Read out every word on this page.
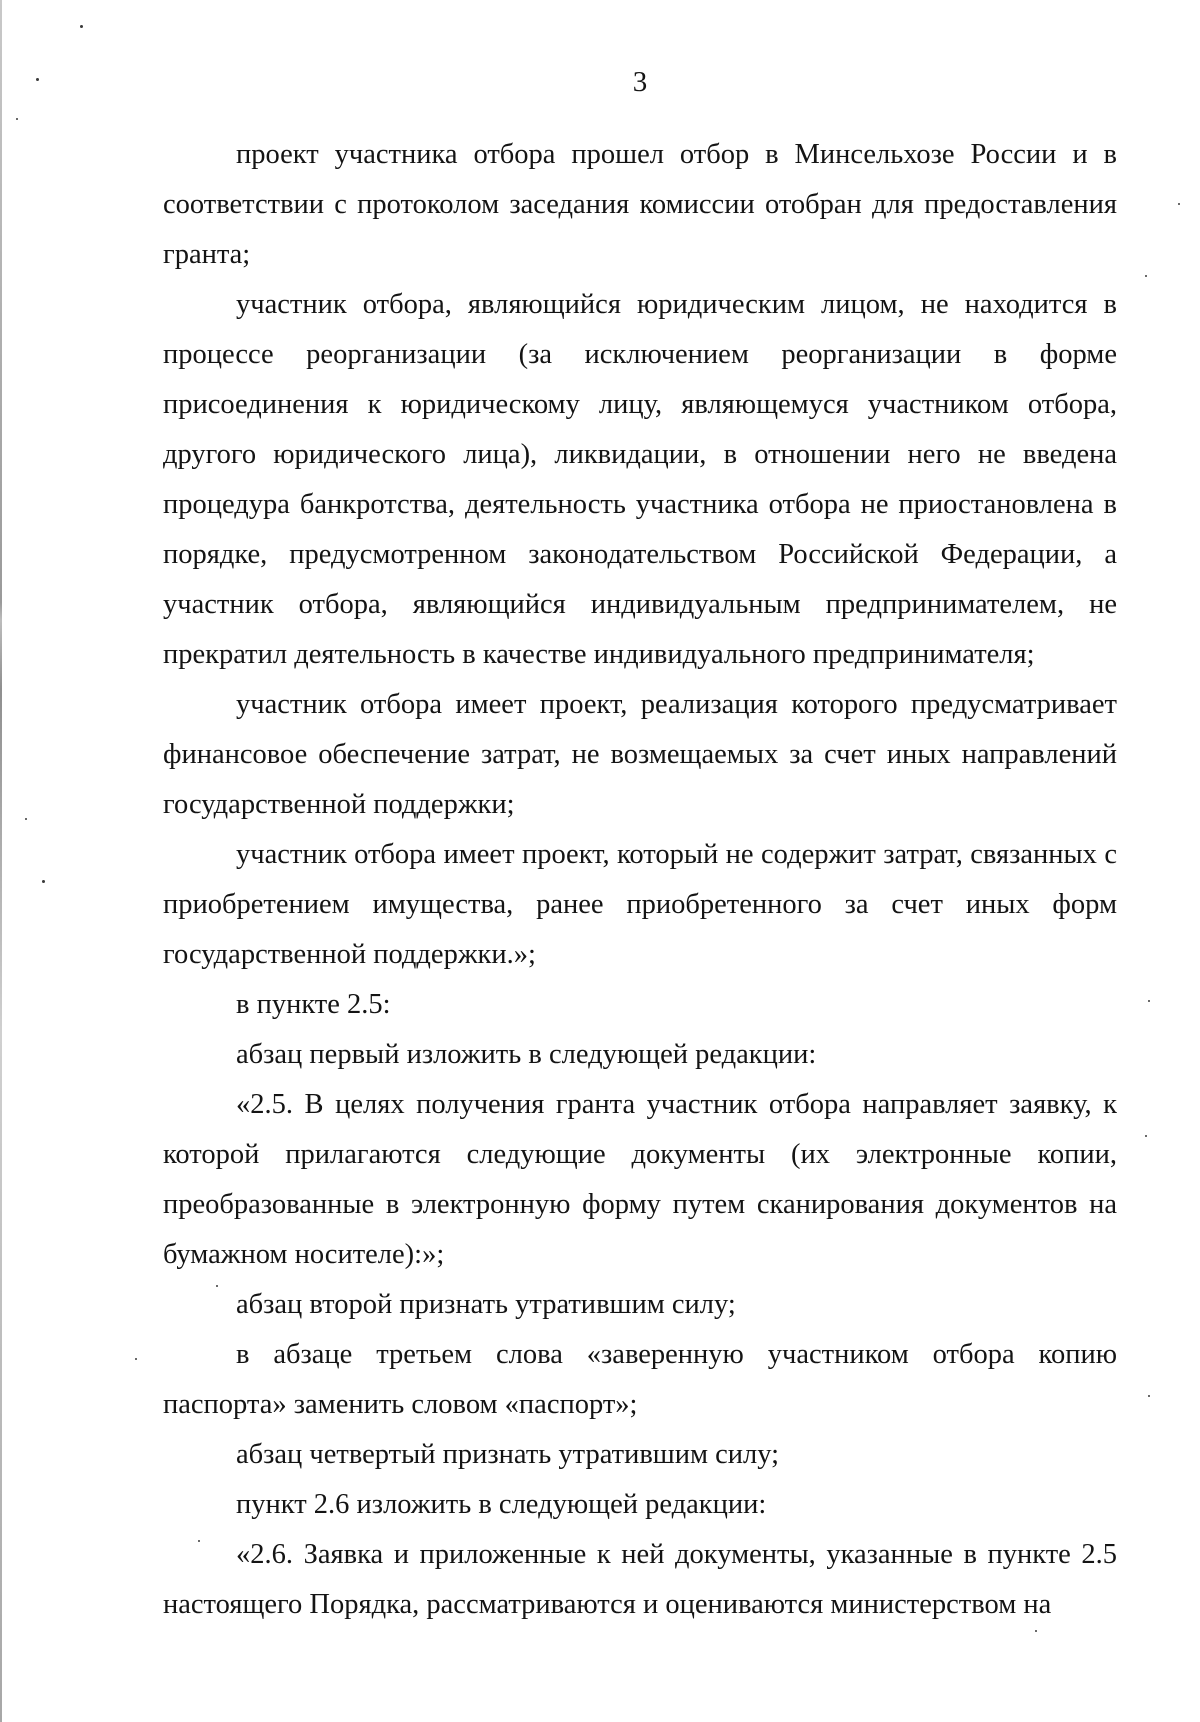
3

проект участника отбора прошел отбор в Минсельхозе России и в соответствии с протоколом заседания комиссии отобран для предоставления гранта;

участник отбора, являющийся юридическим лицом, не находится в процессе реорганизации (за исключением реорганизации в форме присоединения к юридическому лицу, являющемуся участником отбора, другого юридического лица), ликвидации, в отношении него не введена процедура банкротства, деятельность участника отбора не приостановлена в порядке, предусмотренном законодательством Российской Федерации, а участник отбора, являющийся индивидуальным предпринимателем, не прекратил деятельность в качестве индивидуального предпринимателя;

участник отбора имеет проект, реализация которого предусматривает финансовое обеспечение затрат, не возмещаемых за счет иных направлений государственной поддержки;

участник отбора имеет проект, который не содержит затрат, связанных с приобретением имущества, ранее приобретенного за счет иных форм государственной поддержки.»;

в пункте 2.5:

абзац первый изложить в следующей редакции:

«2.5. В целях получения гранта участник отбора направляет заявку, к которой прилагаются следующие документы (их электронные копии, преобразованные в электронную форму путем сканирования документов на бумажном носителе):»;

абзац второй признать утратившим силу;

в абзаце третьем слова «заверенную участником отбора копию паспорта» заменить словом «паспорт»;

абзац четвертый признать утратившим силу;

пункт 2.6 изложить в следующей редакции:

«2.6. Заявка и приложенные к ней документы, указанные в пункте 2.5 настоящего Порядка, рассматриваются и оцениваются министерством на
